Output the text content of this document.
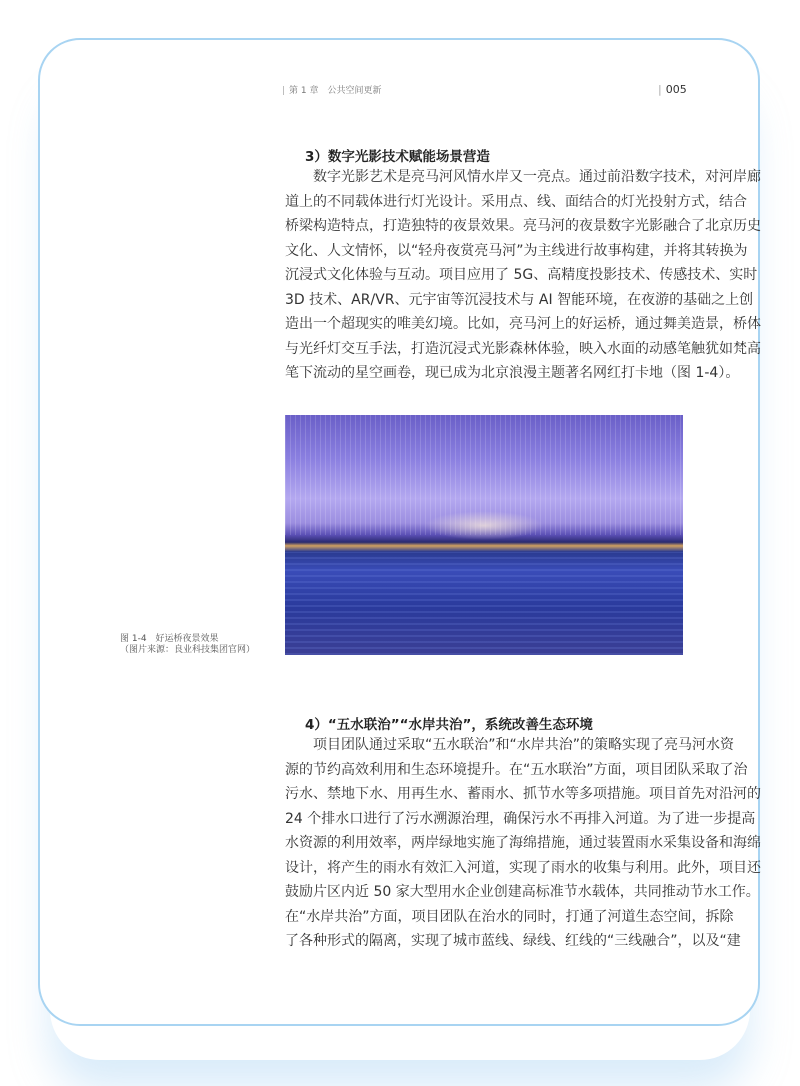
| 第 1 章　公共空间更新	| 005
3）数字光影技术赋能场景营造
数字光影艺术是亮马河风情水岸又一亮点。通过前沿数字技术，对河岸廊
道上的不同载体进行灯光设计。采用点、线、面结合的灯光投射方式，结合
桥梁构造特点，打造独特的夜景效果。亮马河的夜景数字光影融合了北京历史
文化、人文情怀，以“轻舟夜赏亮马河”为主线进行故事构建，并将其转换为
沉浸式文化体验与互动。项目应用了 5G、高精度投影技术、传感技术、实时
3D 技术、AR/VR、元宇宙等沉浸技术与 AI 智能环境，在夜游的基础之上创
造出一个超现实的唯美幻境。比如，亮马河上的好运桥，通过舞美造景，桥体
与光纤灯交互手法，打造沉浸式光影森林体验，映入水面的动感笔触犹如梵高
笔下流动的星空画卷，现已成为北京浪漫主题著名网红打卡地（图 1-4）。
图 1-4　好运桥夜景效果
（图片来源：良业科技集团官网）
4）“五水联治”“水岸共治”，系统改善生态环境
项目团队通过采取“五水联治”和“水岸共治”的策略实现了亮马河水资
源的节约高效利用和生态环境提升。在“五水联治”方面，项目团队采取了治
污水、禁地下水、用再生水、蓄雨水、抓节水等多项措施。项目首先对沿河的
24 个排水口进行了污水溯源治理，确保污水不再排入河道。为了进一步提高
水资源的利用效率，两岸绿地实施了海绵措施，通过装置雨水采集设备和海绵
设计，将产生的雨水有效汇入河道，实现了雨水的收集与利用。此外，项目还
鼓励片区内近 50 家大型用水企业创建高标准节水载体，共同推动节水工作。
在“水岸共治”方面，项目团队在治水的同时，打通了河道生态空间，拆除
了各种形式的隔离，实现了城市蓝线、绿线、红线的“三线融合”，以及“建
